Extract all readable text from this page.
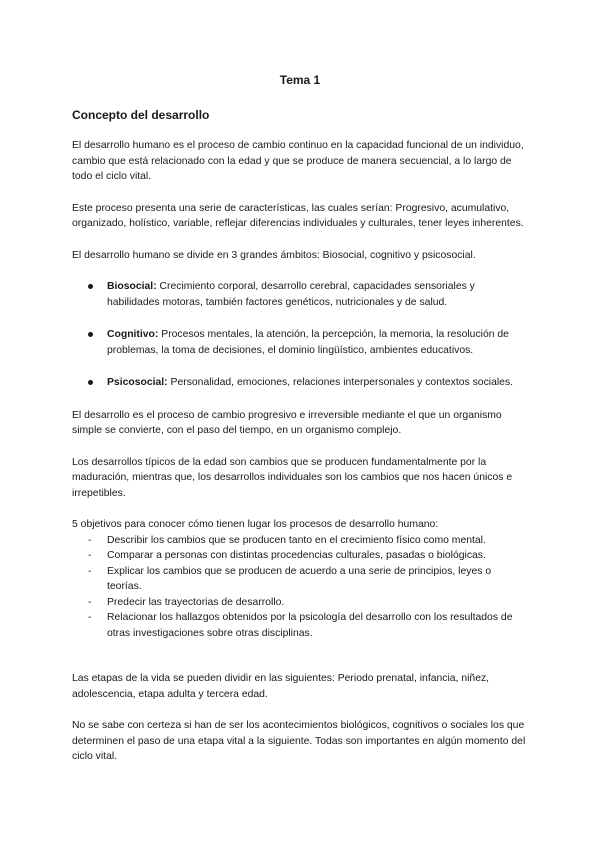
Tema 1
Concepto del desarrollo

El desarrollo humano es el proceso de cambio continuo en la capacidad funcional de un individuo, cambio que está relacionado con la edad y que se produce de manera secuencial, a lo largo de todo el ciclo vital.

Este proceso presenta una serie de características, las cuales serían: Progresivo, acumulativo, organizado, holístico, variable, reflejar diferencias individuales y culturales, tener leyes inherentes.

El desarrollo humano se divide en 3 grandes ámbitos: Biosocial, cognitivo y psicosocial.

Biosocial: Crecimiento corporal, desarrollo cerebral, capacidades sensoriales y habilidades motoras, también factores genéticos, nutricionales y de salud.
Cognitivo: Procesos mentales, la atención, la percepción, la memoria, la resolución de problemas, la toma de decisiones, el dominio lingüístico, ambientes educativos.
Psicosocial: Personalidad, emociones, relaciones interpersonales y contextos sociales.

El desarrollo es el proceso de cambio progresivo e irreversible mediante el que un organismo simple se convierte, con el paso del tiempo, en un organismo complejo.

Los desarrollos típicos de la edad son cambios que se producen fundamentalmente por la maduración, mientras que, los desarrollos individuales son los cambios que nos hacen únicos e irrepetibles.

5 objetivos para conocer cómo tienen lugar los procesos de desarrollo humano:

- Describir los cambios que se producen tanto en el crecimiento físico como mental.
- Comparar a personas con distintas procedencias culturales, pasadas o biológicas.
- Explicar los cambios que se producen de acuerdo a una serie de principios, leyes o teorías.
- Predecir las trayectorias de desarrollo.
- Relacionar los hallazgos obtenidos por la psicología del desarrollo con los resultados de otras investigaciones sobre otras disciplinas.

Las etapas de la vida se pueden dividir en las siguientes: Periodo prenatal, infancia, niñez, adolescencia, etapa adulta y tercera edad.

No se sabe con certeza si han de ser los acontecimientos biológicos, cognitivos o sociales los que determinen el paso de una etapa vital a la siguiente. Todas son importantes en algún momento del ciclo vital.
